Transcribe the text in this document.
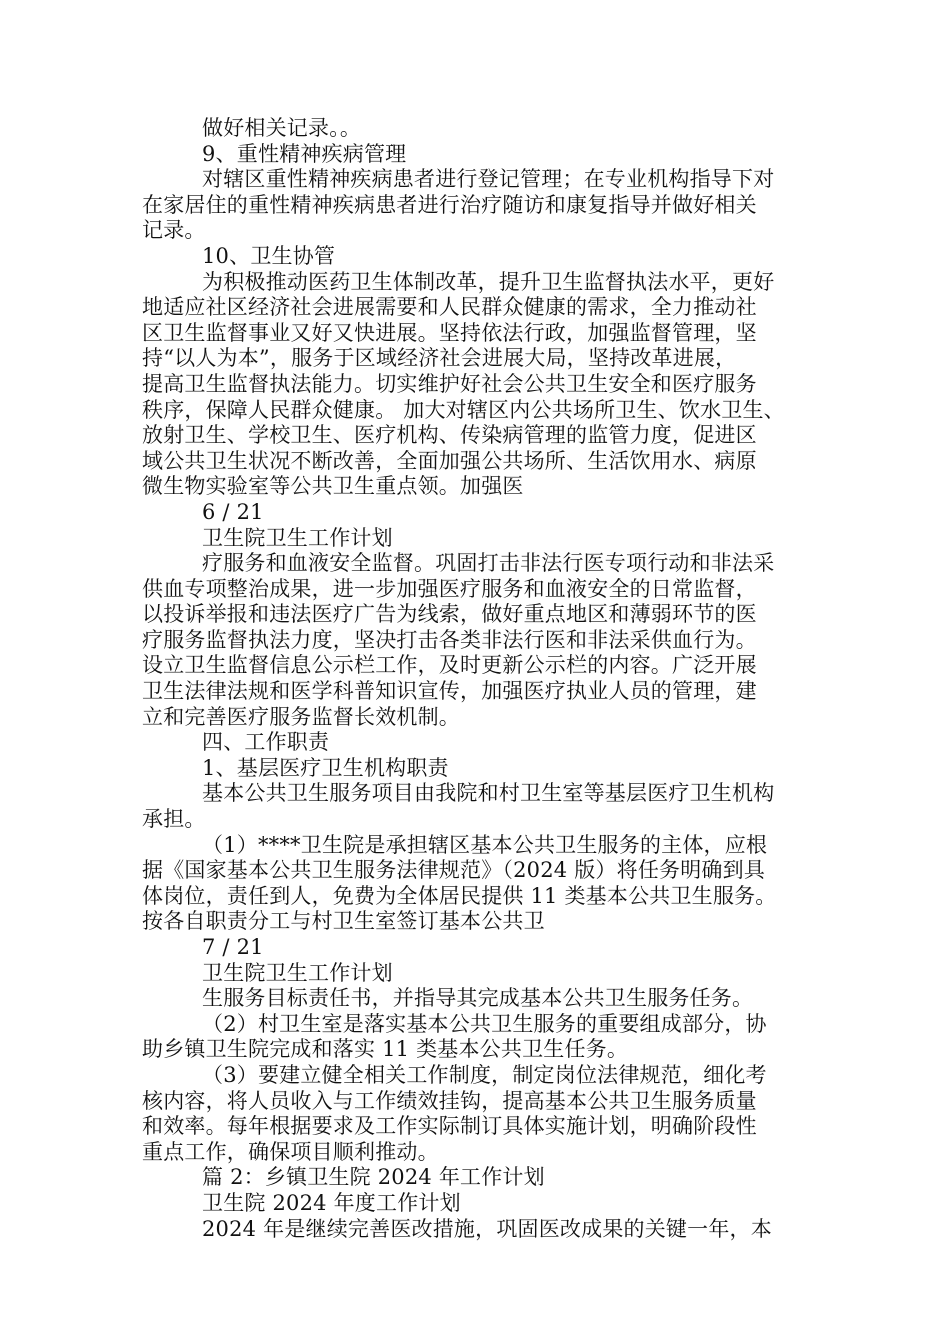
做好相关记录。。
9、重性精神疾病管理
对辖区重性精神疾病患者进行登记管理；在专业机构指导下对
在家居住的重性精神疾病患者进行治疗随访和康复指导并做好相关
记录。
10、卫生协管
为积极推动医药卫生体制改革，提升卫生监督执法水平，更好
地适应社区经济社会进展需要和人民群众健康的需求，全力推动社
区卫生监督事业又好又快进展。坚持依法行政，加强监督管理，坚
持“以人为本”，服务于区域经济社会进展大局，坚持改革进展，
提高卫生监督执法能力。切实维护好社会公共卫生安全和医疗服务
秩序，保障人民群众健康。 加大对辖区内公共场所卫生、饮水卫生、
放射卫生、学校卫生、医疗机构、传染病管理的监管力度，促进区
域公共卫生状况不断改善，全面加强公共场所、生活饮用水、病原
微生物实验室等公共卫生重点领。加强医
6 / 21
卫生院卫生工作计划
疗服务和血液安全监督。巩固打击非法行医专项行动和非法采
供血专项整治成果，进一步加强医疗服务和血液安全的日常监督，
以投诉举报和违法医疗广告为线索，做好重点地区和薄弱环节的医
疗服务监督执法力度，坚决打击各类非法行医和非法采供血行为。
设立卫生监督信息公示栏工作，及时更新公示栏的内容。广泛开展
卫生法律法规和医学科普知识宣传，加强医疗执业人员的管理，建
立和完善医疗服务监督长效机制。
四、工作职责
1、基层医疗卫生机构职责
基本公共卫生服务项目由我院和村卫生室等基层医疗卫生机构
承担。
（1）****卫生院是承担辖区基本公共卫生服务的主体，应根
据《国家基本公共卫生服务法律规范》（2024 版）将任务明确到具
体岗位，责任到人，免费为全体居民提供 11 类基本公共卫生服务。
按各自职责分工与村卫生室签订基本公共卫
7 / 21
卫生院卫生工作计划
生服务目标责任书，并指导其完成基本公共卫生服务任务。
（2）村卫生室是落实基本公共卫生服务的重要组成部分，协
助乡镇卫生院完成和落实 11 类基本公共卫生任务。
（3）要建立健全相关工作制度，制定岗位法律规范，细化考
核内容，将人员收入与工作绩效挂钩，提高基本公共卫生服务质量
和效率。每年根据要求及工作实际制订具体实施计划，明确阶段性
重点工作，确保项目顺利推动。
篇 2：乡镇卫生院 2024 年工作计划
卫生院 2024 年度工作计划
2024 年是继续完善医改措施，巩固医改成果的关键一年，本
